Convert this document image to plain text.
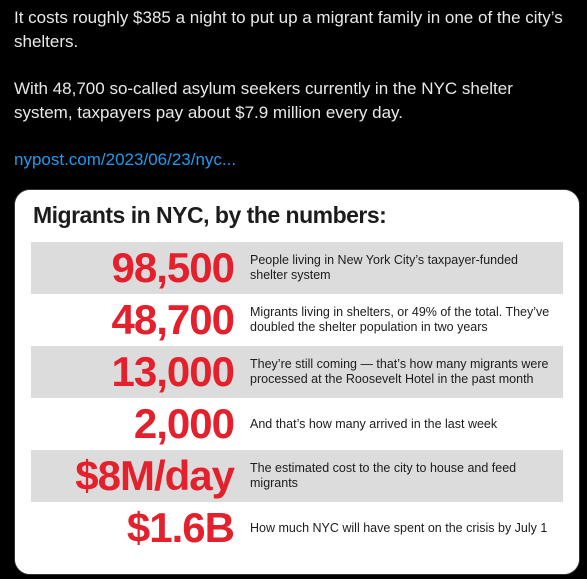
It costs roughly $385 a night to put up a migrant family in one of the city’s shelters.

With 48,700 so-called asylum seekers currently in the NYC shelter system, taxpayers pay about $7.9 million every day.

nypost.com/2023/06/23/nyc...

Migrants in NYC, by the numbers:
98,500 People living in New York City’s taxpayer-funded shelter system
48,700 Migrants living in shelters, or 49% of the total. They’ve doubled the shelter population in two years
13,000 They’re still coming — that’s how many migrants were processed at the Roosevelt Hotel in the past month
2,000 And that’s how many arrived in the last week
$8M/day The estimated cost to the city to house and feed migrants
$1.6B How much NYC will have spent on the crisis by July 1
